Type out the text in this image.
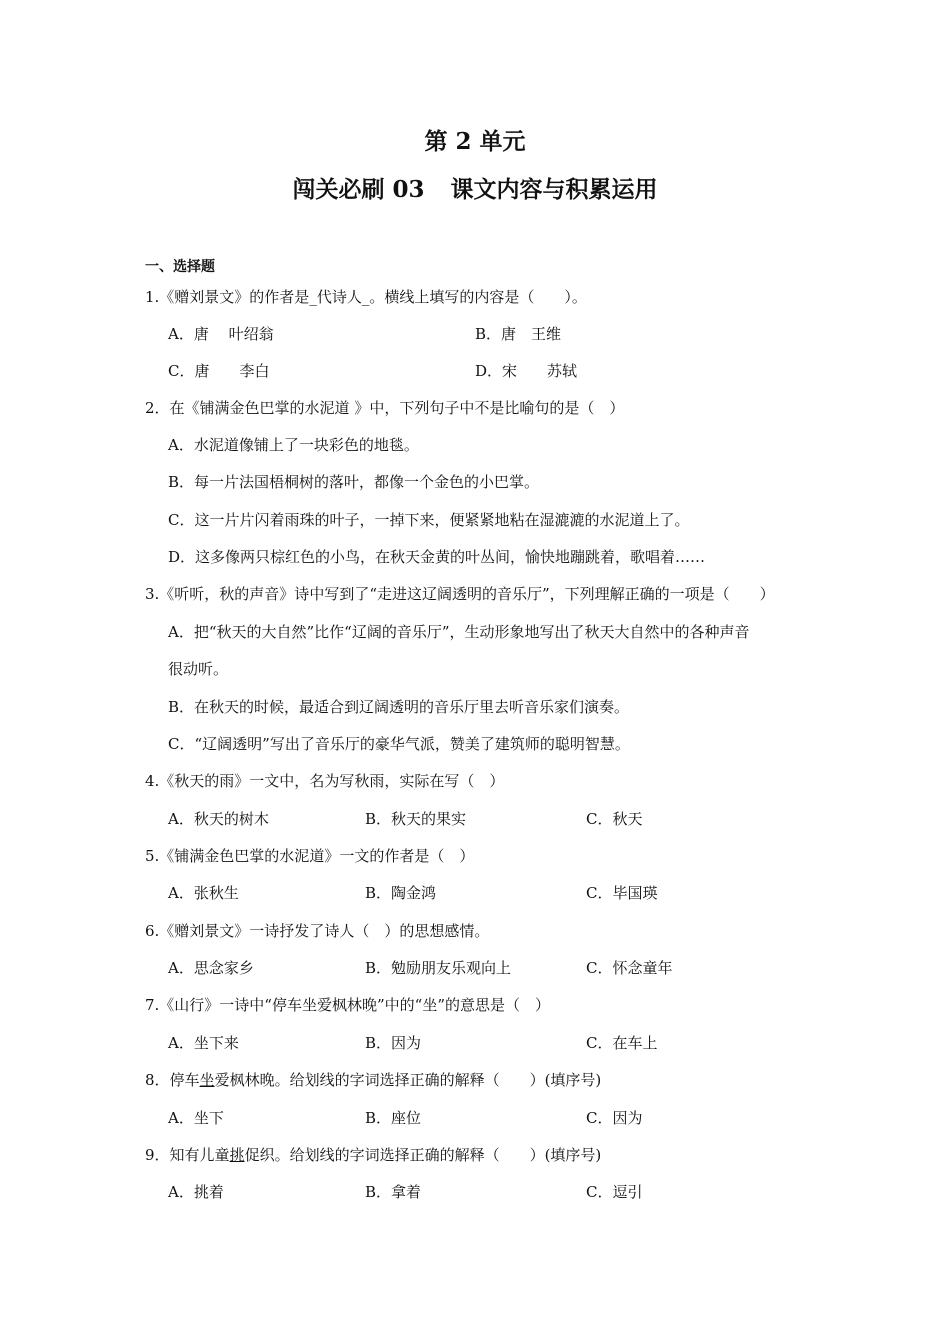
第 2 单元
闯关必刷 03 课文内容与积累运用
一、选择题
1.《赠刘景文》的作者是_代诗人_。横线上填写的内容是（　　）。
A．唐　 叶绍翁	B．唐　王维
C．唐　　李白	D．宋　　苏轼
2．在《铺满金色巴掌的水泥道 》中，下列句子中不是比喻句的是（　）
A．水泥道像铺上了一块彩色的地毯。
B．每一片法国梧桐树的落叶，都像一个金色的小巴掌。
C．这一片片闪着雨珠的叶子，一掉下来，便紧紧地粘在湿漉漉的水泥道上了。
D．这多像两只棕红色的小鸟，在秋天金黄的叶丛间，愉快地蹦跳着，歌唱着……
3.《听听，秋的声音》诗中写到了“走进这辽阔透明的音乐厅”，下列理解正确的一项是（　　）
A．把“秋天的大自然”比作“辽阔的音乐厅”，生动形象地写出了秋天大自然中的各种声音
很动听。
B．在秋天的时候，最适合到辽阔透明的音乐厅里去听音乐家们演奏。
C．“辽阔透明”写出了音乐厅的豪华气派，赞美了建筑师的聪明智慧。
4.《秋天的雨》一文中，名为写秋雨，实际在写（　）
A．秋天的树木	B．秋天的果实	C．秋天
5.《铺满金色巴掌的水泥道》一文的作者是（　）
A．张秋生	B．陶金鸿	C．毕国瑛
6.《赠刘景文》一诗抒发了诗人（　）的思想感情。
A．思念家乡	B．勉励朋友乐观向上	C．怀念童年
7.《山行》一诗中“停车坐爱枫林晚”中的“坐”的意思是（　）
A．坐下来	B．因为	C．在车上
8．停车坐爱枫林晚。给划线的字词选择正确的解释（　　）(填序号)
A．坐下	B．座位	C．因为
9．知有儿童挑促织。给划线的字词选择正确的解释（　　）(填序号)
A．挑着	B．拿着	C．逗引
